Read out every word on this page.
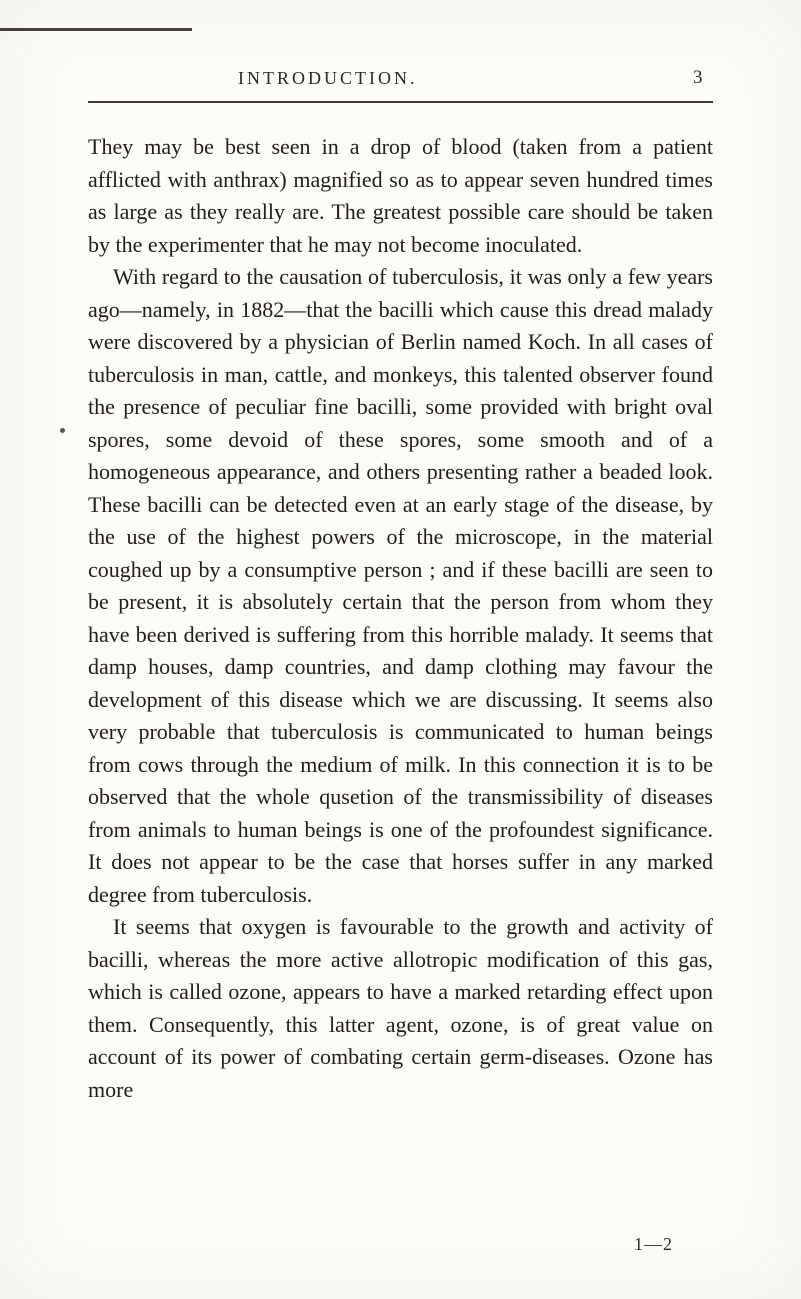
INTRODUCTION.	3

They may be best seen in a drop of blood (taken from a patient afflicted with anthrax) magnified so as to appear seven hundred times as large as they really are. The greatest possible care should be taken by the experimenter that he may not become inoculated.

With regard to the causation of tuberculosis, it was only a few years ago—namely, in 1882—that the bacilli which cause this dread malady were discovered by a physician of Berlin named Koch. In all cases of tuberculosis in man, cattle, and monkeys, this talented observer found the presence of peculiar fine bacilli, some provided with bright oval spores, some devoid of these spores, some smooth and of a homogeneous appearance, and others presenting rather a beaded look. These bacilli can be detected even at an early stage of the disease, by the use of the highest powers of the microscope, in the material coughed up by a consumptive person ; and if these bacilli are seen to be present, it is absolutely certain that the person from whom they have been derived is suffering from this horrible malady. It seems that damp houses, damp countries, and damp clothing may favour the development of this disease which we are discussing. It seems also very probable that tuberculosis is communicated to human beings from cows through the medium of milk. In this connection it is to be observed that the whole qusetion of the transmissibility of diseases from animals to human beings is one of the profoundest significance. It does not appear to be the case that horses suffer in any marked degree from tuberculosis.

It seems that oxygen is favourable to the growth and activity of bacilli, whereas the more active allotropic modification of this gas, which is called ozone, appears to have a marked retarding effect upon them. Consequently, this latter agent, ozone, is of great value on account of its power of combating certain germ-diseases. Ozone has more

1—2
